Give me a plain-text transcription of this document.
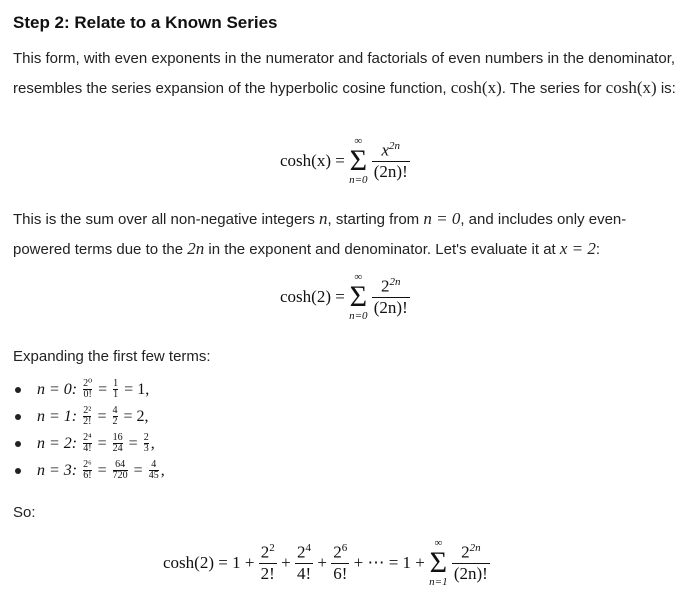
Step 2: Relate to a Known Series
This form, with even exponents in the numerator and factorials of even numbers in the denominator, resembles the series expansion of the hyperbolic cosine function, cosh(x). The series for cosh(x) is:
cosh(x) =
∞
Σ
n=0
$\frac{x^{2n}}{(2n)!}$
This is the sum over all non-negative integers n, starting from n = 0, and includes only even-powered terms due to the 2n in the exponent and denominator. Let's evaluate it at x = 2:
cosh(2) =
∞
Σ
n=0
$\frac{2^{2n}}{(2n)!}$
Expanding the first few terms:
n = 0:
$\frac{\text{2⁰}}{0!} = \frac{1}{1}$
= 1,
n = 1:
$\frac{\text{2²}}{2!} = \frac{4}{2}$
= 2,
n = 2:
$\frac{\text{2⁴}}{4!} = \frac{16}{24} = \frac{2}{3}$ ,
n = 3:
$\frac{\text{2⁶}}{6!} = \frac{64}{720} = \frac{4}{45}$ ,
So:
$\cosh(2) = 1 + \frac{2^2}{2!} + \frac{2^4}{4!} + \frac{2^6}{6!}$ + ⋯ = 1 +
∞
Σ
n=1
$\frac{2^{2n}}{(2n)!}$
